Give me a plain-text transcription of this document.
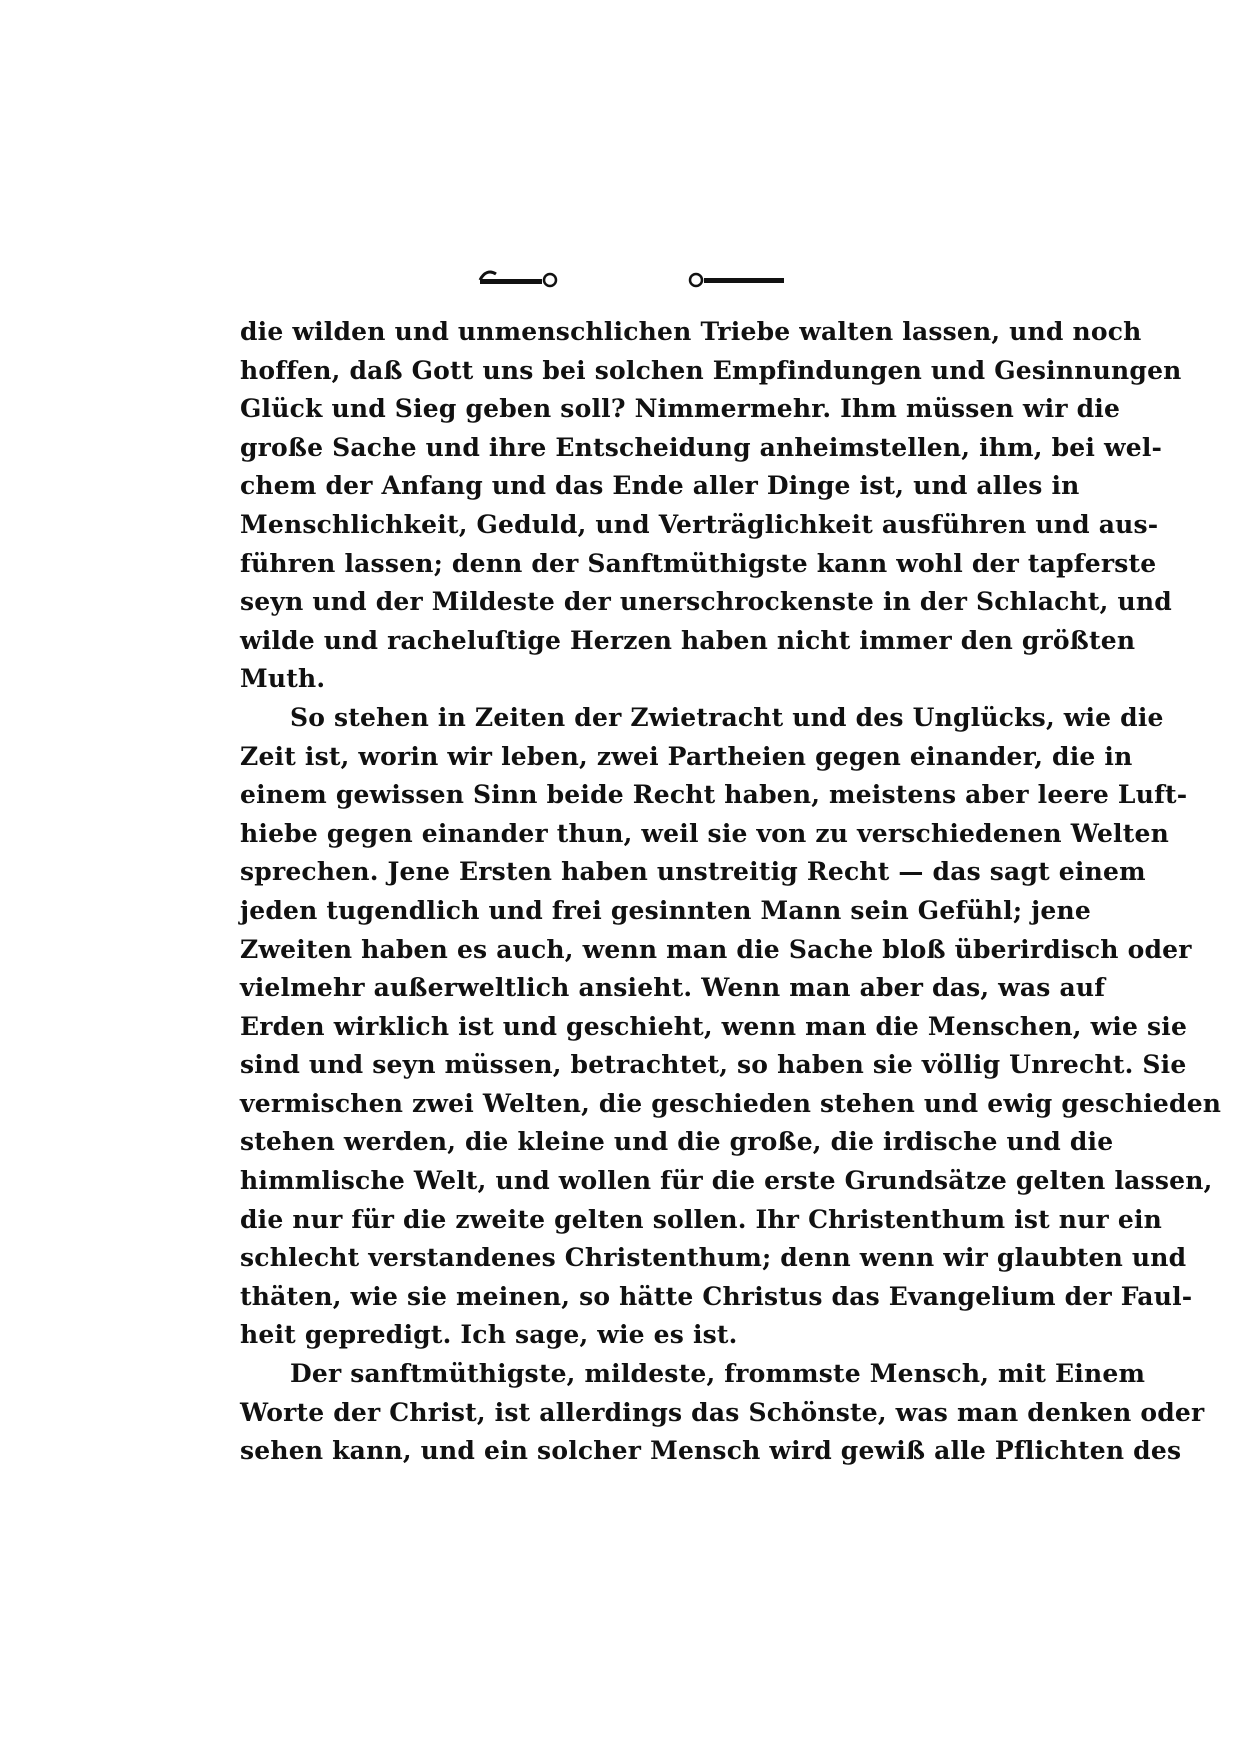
die wilden und unmenschlichen Triebe walten lassen, und noch
hoffen, daß Gott uns bei solchen Empfindungen und Gesinnungen
Glück und Sieg geben soll? Nimmermehr. Ihm müssen wir die
große Sache und ihre Entscheidung anheimstellen, ihm, bei wel-
chem der Anfang und das Ende aller Dinge ist, und alles in
Menschlichkeit, Geduld, und Verträglichkeit ausführen und aus-
führen lassen; denn der Sanftmüthigste kann wohl der tapferste
seyn und der Mildeste der unerschrockenste in der Schlacht, und
wilde und racheluſtige Herzen haben nicht immer den größten
Muth.
So stehen in Zeiten der Zwietracht und des Unglücks, wie die
Zeit ist, worin wir leben, zwei Partheien gegen einander, die in
einem gewissen Sinn beide Recht haben, meistens aber leere Luft-
hiebe gegen einander thun, weil sie von zu verschiedenen Welten
sprechen. Jene Ersten haben unstreitig Recht — das sagt einem
jeden tugendlich und frei gesinnten Mann sein Gefühl; jene
Zweiten haben es auch, wenn man die Sache bloß überirdisch oder
vielmehr außerweltlich ansieht. Wenn man aber das, was auf
Erden wirklich ist und geschieht, wenn man die Menschen, wie sie
sind und seyn müssen, betrachtet, so haben sie völlig Unrecht. Sie
vermischen zwei Welten, die geschieden stehen und ewig geschieden
stehen werden, die kleine und die große, die irdische und die
himmlische Welt, und wollen für die erste Grundsätze gelten lassen,
die nur für die zweite gelten sollen. Ihr Christenthum ist nur ein
schlecht verstandenes Christenthum; denn wenn wir glaubten und
thäten, wie sie meinen, so hätte Christus das Evangelium der Faul-
heit gepredigt. Ich sage, wie es ist.
Der sanftmüthigste, mildeste, frommste Mensch, mit Einem
Worte der Christ, ist allerdings das Schönste, was man denken oder
sehen kann, und ein solcher Mensch wird gewiß alle Pflichten des
